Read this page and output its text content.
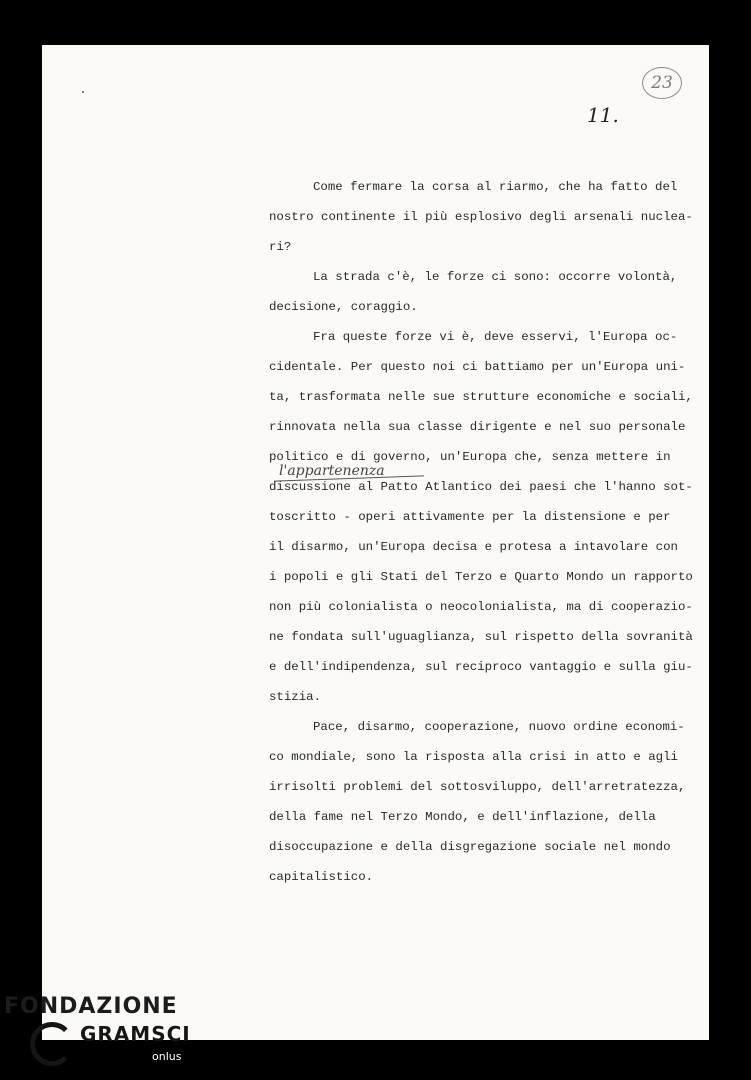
23
11.
l'appartenenza
Come fermare la corsa al riarmo, che ha fatto del
nostro continente il più esplosivo degli arsenali nuclea-
ri?
La strada c'è, le forze ci sono: occorre volontà,
decisione, coraggio.
Fra queste forze vi è, deve esservi, l'Europa oc-
cidentale. Per questo noi ci battiamo per un'Europa uni-
ta, trasformata nelle sue strutture economiche e sociali,
rinnovata nella sua classe dirigente e nel suo personale
politico e di governo, un'Europa che, senza mettere in
discussione al Patto Atlantico dei paesi che l'hanno sot-
toscritto - operi attivamente per la distensione e per
il disarmo, un'Europa decisa e protesa a intavolare con
i popoli e gli Stati del Terzo e Quarto Mondo un rapporto
non più colonialista o neocolonialista, ma di cooperazio-
ne fondata sull'uguaglianza, sul rispetto della sovranità
e dell'indipendenza, sul reciproco vantaggio e sulla giu-
stizia.
Pace, disarmo, cooperazione, nuovo ordine economi-
co mondiale, sono la risposta alla crisi in atto e agli
irrisolti problemi del sottosviluppo, dell'arretratezza,
della fame nel Terzo Mondo, e dell'inflazione, della
disoccupazione e della disgregazione sociale nel mondo
capitalistico.
FONDAZIONE
GRAMSCI
onlus
